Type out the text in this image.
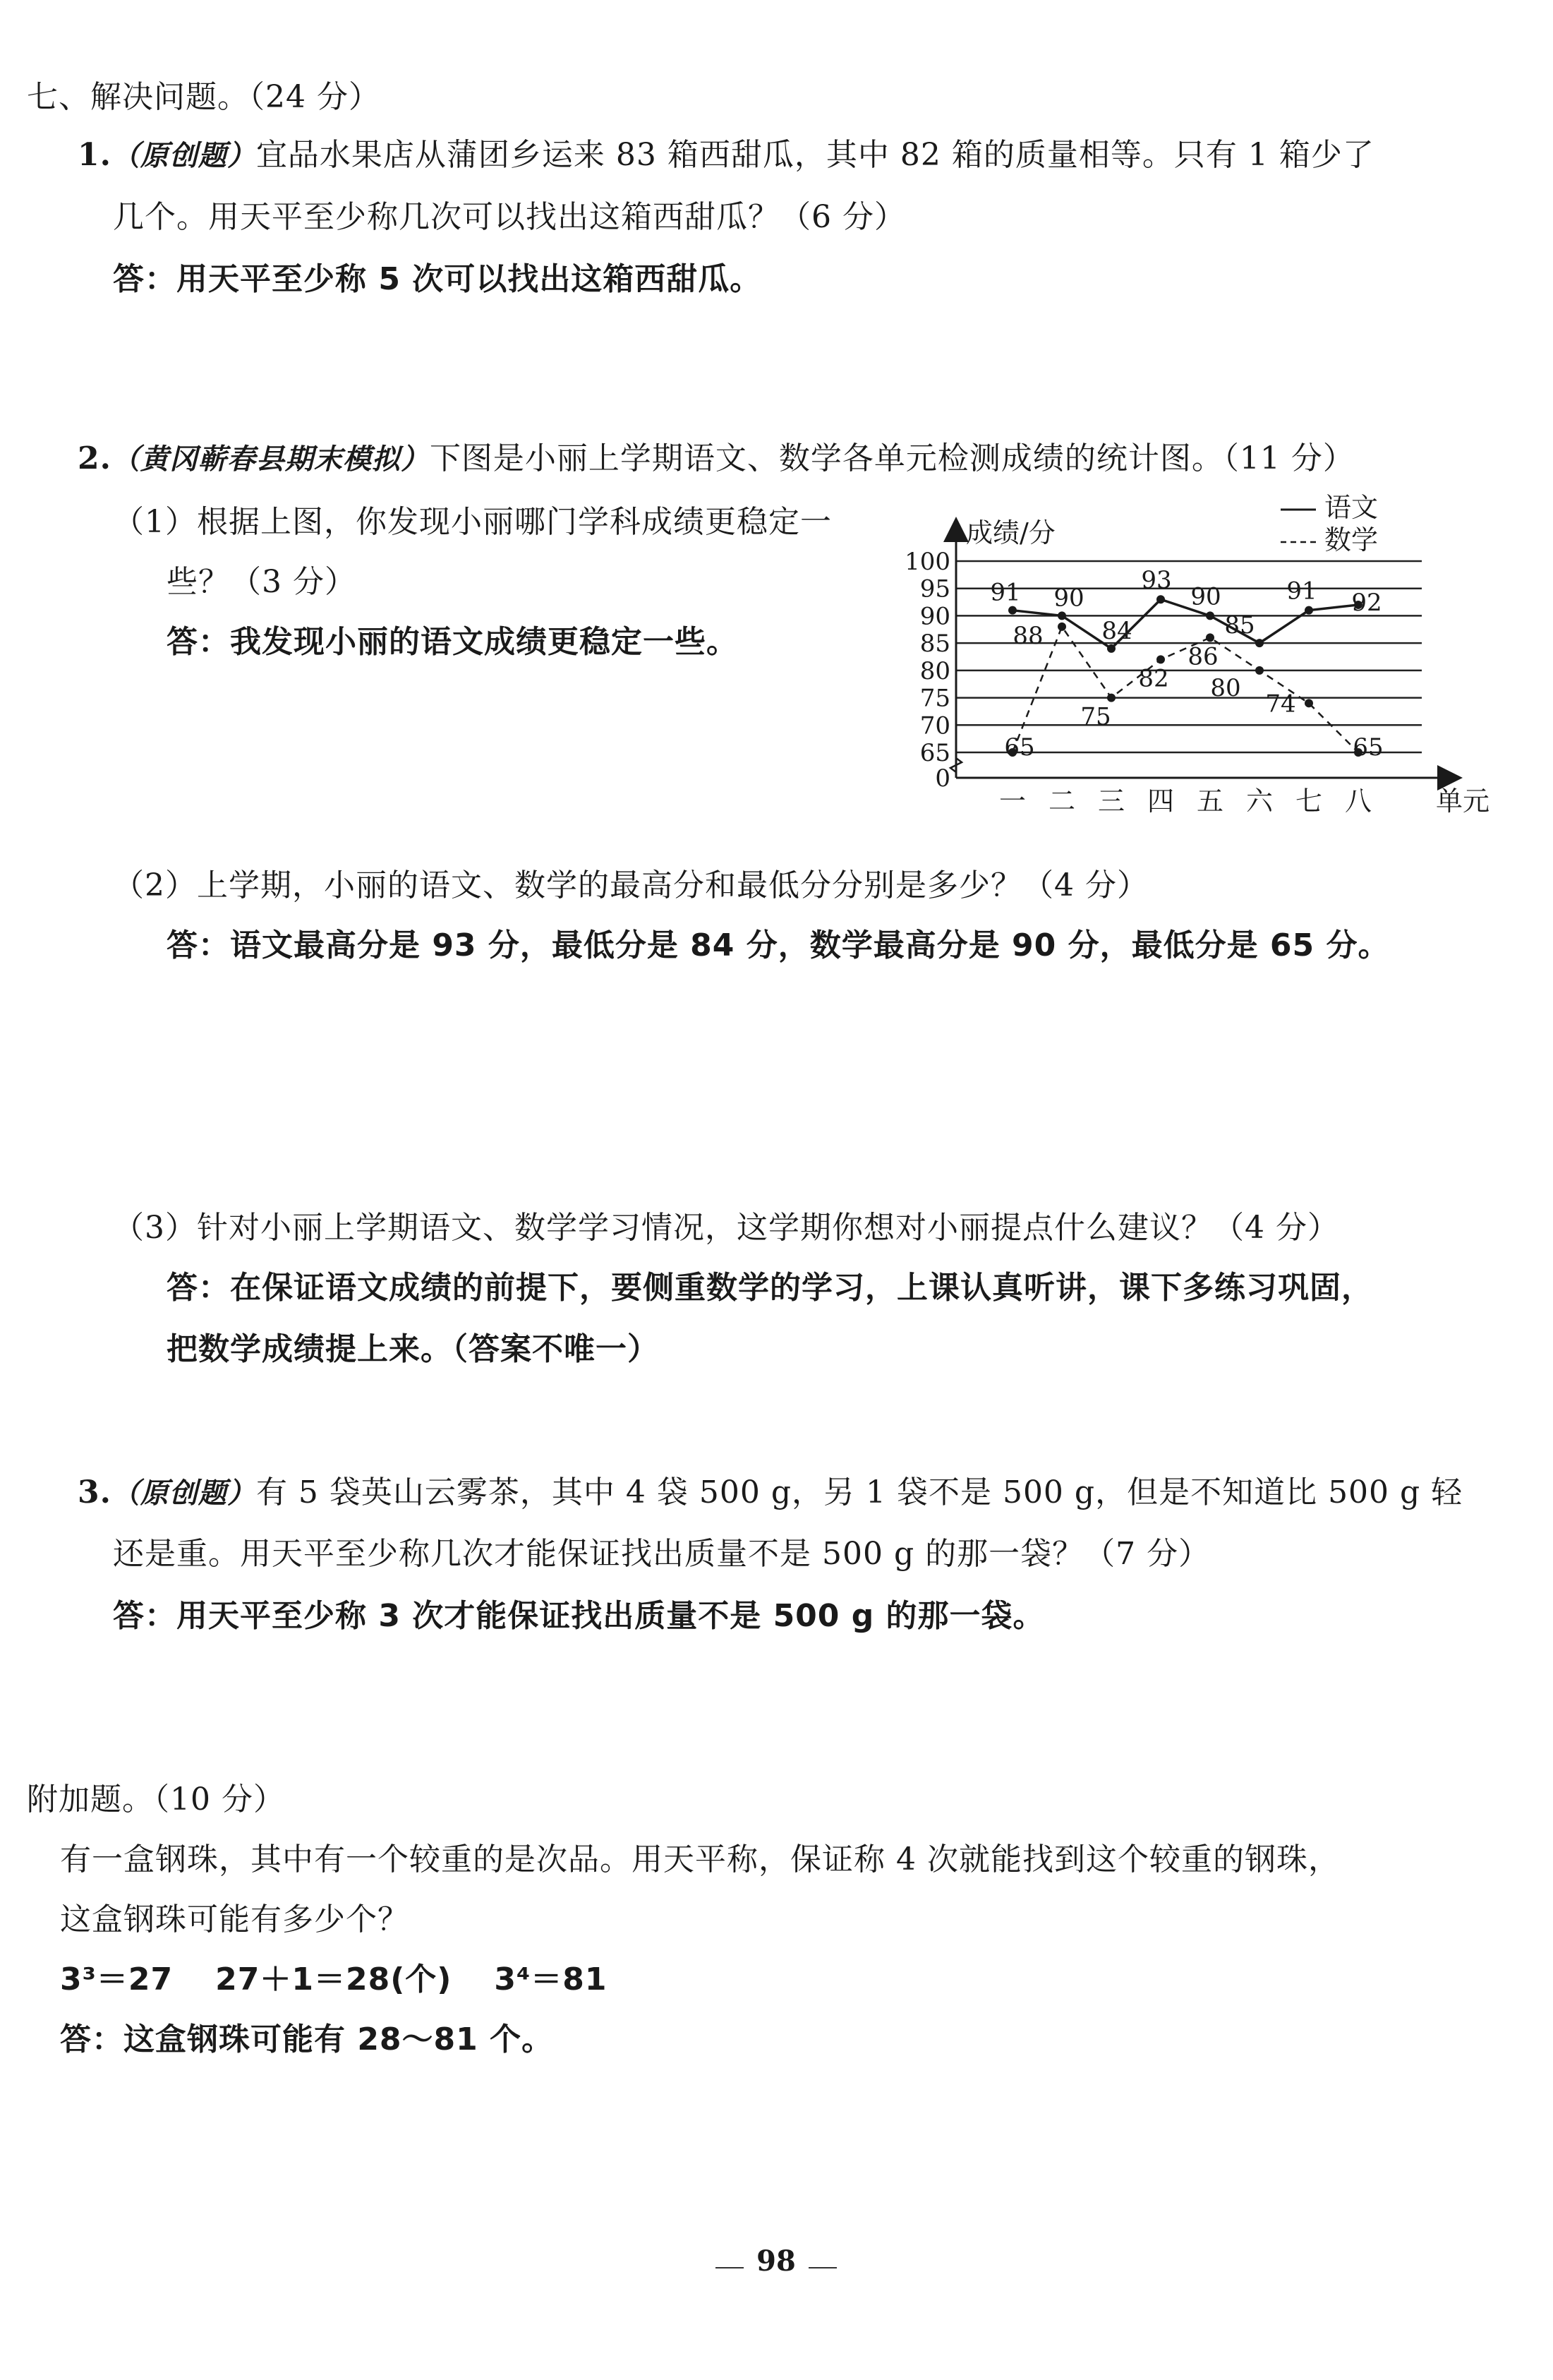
七、解决问题。（24 分）
1.（原创题）宜品水果店从蒲团乡运来 83 箱西甜瓜，其中 82 箱的质量相等。只有 1 箱少了
几个。用天平至少称几次可以找出这箱西甜瓜？（6 分）
答：用天平至少称 5 次可以找出这箱西甜瓜。
2.（黄冈蕲春县期末模拟）下图是小丽上学期语文、数学各单元检测成绩的统计图。（11 分）
（1）根据上图，你发现小丽哪门学科成绩更稳定一
些？（3 分）
答：我发现小丽的语文成绩更稳定一些。
0
65
70
75
80
85
90
95
100
成绩/分
一 二 三 四 五 六 七 八 单元
91 90
84
93
90
85
91 92
65
88
75
82
86
80
74
65
语文
数学
（2）上学期，小丽的语文、数学的最高分和最低分分别是多少？（4 分）
答：语文最高分是 93 分，最低分是 84 分，数学最高分是 90 分，最低分是 65 分。
（3）针对小丽上学期语文、数学学习情况，这学期你想对小丽提点什么建议？（4 分）
答：在保证语文成绩的前提下，要侧重数学的学习，上课认真听讲，课下多练习巩固，
把数学成绩提上来。（答案不唯一）
3.（原创题）有 5 袋英山云雾茶，其中 4 袋 500 g，另 1 袋不是 500 g，但是不知道比 500 g 轻
还是重。用天平至少称几次才能保证找出质量不是 500 g 的那一袋？（7 分）
答：用天平至少称 3 次才能保证找出质量不是 500 g 的那一袋。
附加题。（10 分）
有一盒钢珠，其中有一个较重的是次品。用天平称，保证称 4 次就能找到这个较重的钢珠，
这盒钢珠可能有多少个？
3³＝27 27＋1＝28(个) 3⁴＝81
答：这盒钢珠可能有 28～81 个。
98
